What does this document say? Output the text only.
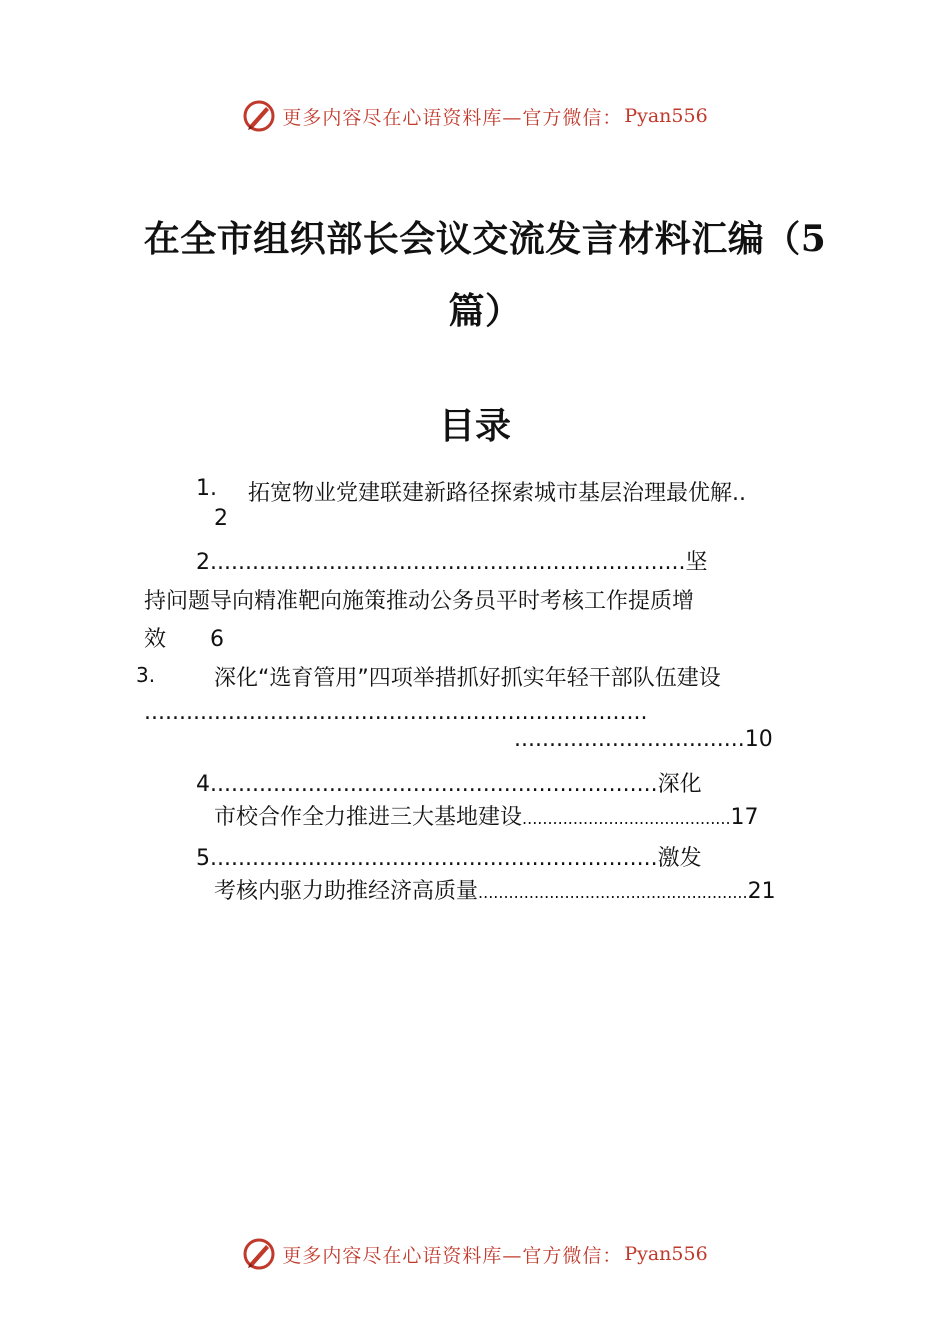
更多内容尽在心语资料库—官方微信： Pyan556
在全市组织部长会议交流发言材料汇编（5篇）
目录
1. 拓宽物业党建联建新路径探索城市基层治理最优解..
2
2....................................................................坚
持问题导向精准靶向施策推动公务员平时考核工作提质增
效 6
3.	深化“选育管用”四项举措抓好抓实年轻干部队伍建设
........................................................................
.................................10
4................................................................深化
市校合作全力推进三大基地建设.........................................17
5................................................................激发
考核内驱力助推经济高质量.....................................................21
更多内容尽在心语资料库—官方微信： Pyan556
